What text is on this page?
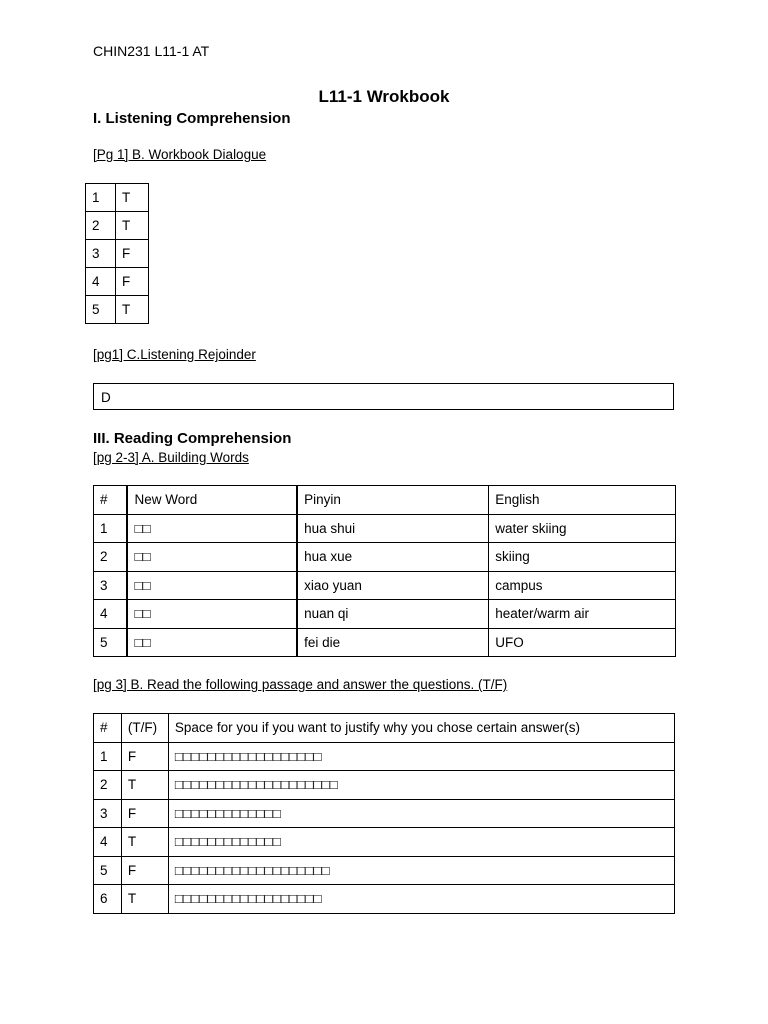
CHIN231 L11-1 AT
L11-1 Wrokbook
I. Listening Comprehension
[Pg 1] B. Workbook Dialogue
1	T
2	T
3	F
4	F
5	T
[pg1] C.Listening Rejoinder
D
III. Reading Comprehension
[pg 2-3] A. Building Words
#	New Word	Pinyin	English
1	□□	hua shui	water skiing
2	□□	hua xue	skiing
3	□□	xiao yuan	campus
4	□□	nuan qi	heater/warm air
5	□□	fei die	UFO
[pg 3] B. Read the following passage and answer the questions. (T/F)
#	(T/F)	Space for you if you want to justify why you chose certain answer(s)
1	F	□□□□□□□□□□□□□□□□□□
2	T	□□□□□□□□□□□□□□□□□□□□
3	F	□□□□□□□□□□□□□
4	T	□□□□□□□□□□□□□
5	F	□□□□□□□□□□□□□□□□□□□
6	T	□□□□□□□□□□□□□□□□□□
